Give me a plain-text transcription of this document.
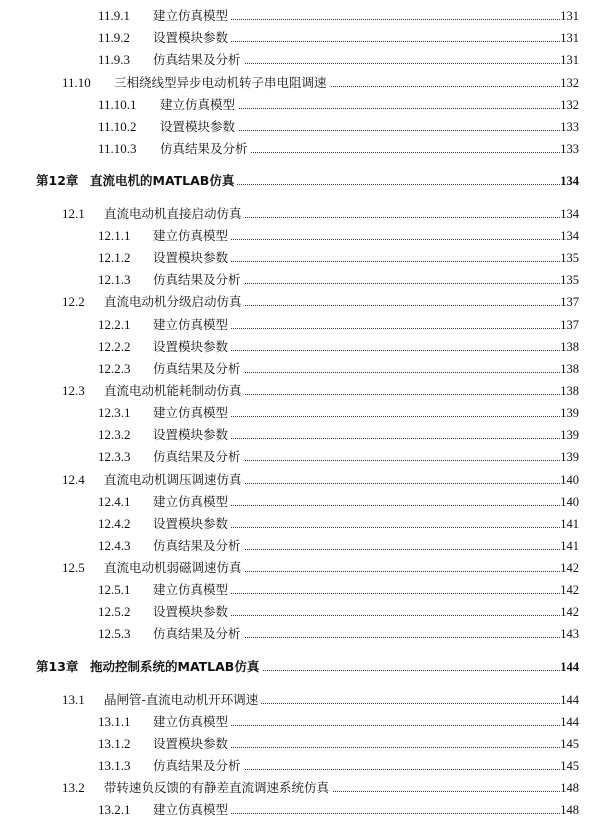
11.9.1 建立仿真模型	131
11.9.2 设置模块参数	131
11.9.3 仿真结果及分析	131
11.10 三相绕线型异步电动机转子串电阻调速	132
11.10.1 建立仿真模型	132
11.10.2 设置模块参数	133
11.10.3 仿真结果及分析	133
第12章 直流电机的MATLAB仿真	134
12.1 直流电动机直接启动仿真	134
12.1.1 建立仿真模型	134
12.1.2 设置模块参数	135
12.1.3 仿真结果及分析	135
12.2 直流电动机分级启动仿真	137
12.2.1 建立仿真模型	137
12.2.2 设置模块参数	138
12.2.3 仿真结果及分析	138
12.3 直流电动机能耗制动仿真	138
12.3.1 建立仿真模型	139
12.3.2 设置模块参数	139
12.3.3 仿真结果及分析	139
12.4 直流电动机调压调速仿真	140
12.4.1 建立仿真模型	140
12.4.2 设置模块参数	141
12.4.3 仿真结果及分析	141
12.5 直流电动机弱磁调速仿真	142
12.5.1 建立仿真模型	142
12.5.2 设置模块参数	142
12.5.3 仿真结果及分析	143
第13章 拖动控制系统的MATLAB仿真	144
13.1 晶闸管-直流电动机开环调速	144
13.1.1 建立仿真模型	144
13.1.2 设置模块参数	145
13.1.3 仿真结果及分析	145
13.2 带转速负反馈的有静差直流调速系统仿真	148
13.2.1 建立仿真模型	148
